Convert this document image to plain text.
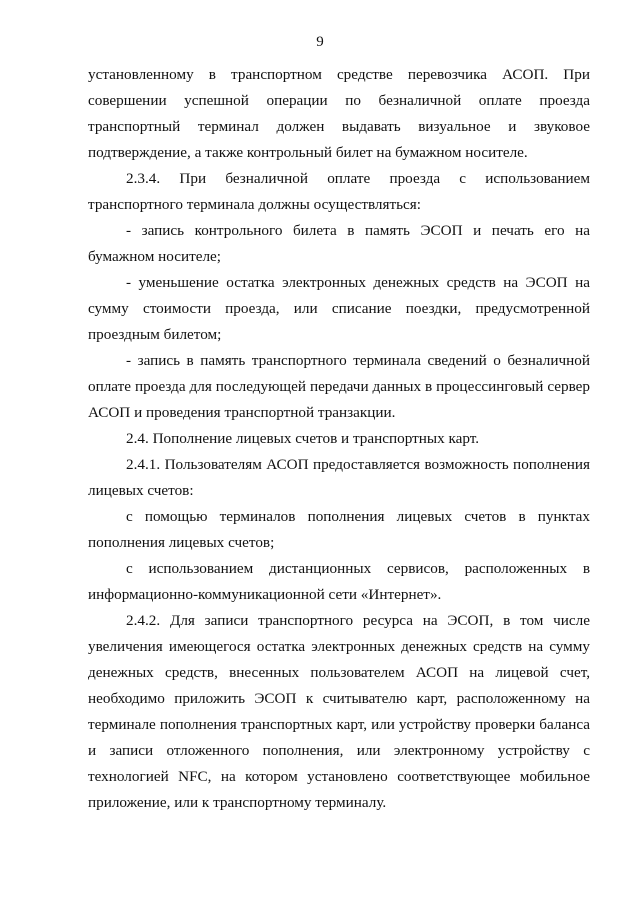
9

установленному в транспортном средстве перевозчика АСОП. При совершении успешной операции по безналичной оплате проезда транспортный терминал должен выдавать визуальное и звуковое подтверждение, а также контрольный билет на бумажном носителе.

2.3.4. При безналичной оплате проезда с использованием транспортного терминала должны осуществляться:

- запись контрольного билета в память ЭСОП и печать его на бумажном носителе;

- уменьшение остатка электронных денежных средств на ЭСОП на сумму стоимости проезда, или списание поездки, предусмотренной проездным билетом;

- запись в память транспортного терминала сведений о безналичной оплате проезда для последующей передачи данных в процессинговый сервер АСОП и проведения транспортной транзакции.

2.4. Пополнение лицевых счетов и транспортных карт.

2.4.1. Пользователям АСОП предоставляется возможность пополнения лицевых счетов:

с помощью терминалов пополнения лицевых счетов в пунктах пополнения лицевых счетов;

с использованием дистанционных сервисов, расположенных в информационно-коммуникационной сети «Интернет».

2.4.2. Для записи транспортного ресурса на ЭСОП, в том числе увеличения имеющегося остатка электронных денежных средств на сумму денежных средств, внесенных пользователем АСОП на лицевой счет, необходимо приложить ЭСОП к считывателю карт, расположенному на терминале пополнения транспортных карт, или устройству проверки баланса и записи отложенного пополнения, или электронному устройству с технологией NFC, на котором установлено соответствующее мобильное приложение, или к транспортному терминалу.
